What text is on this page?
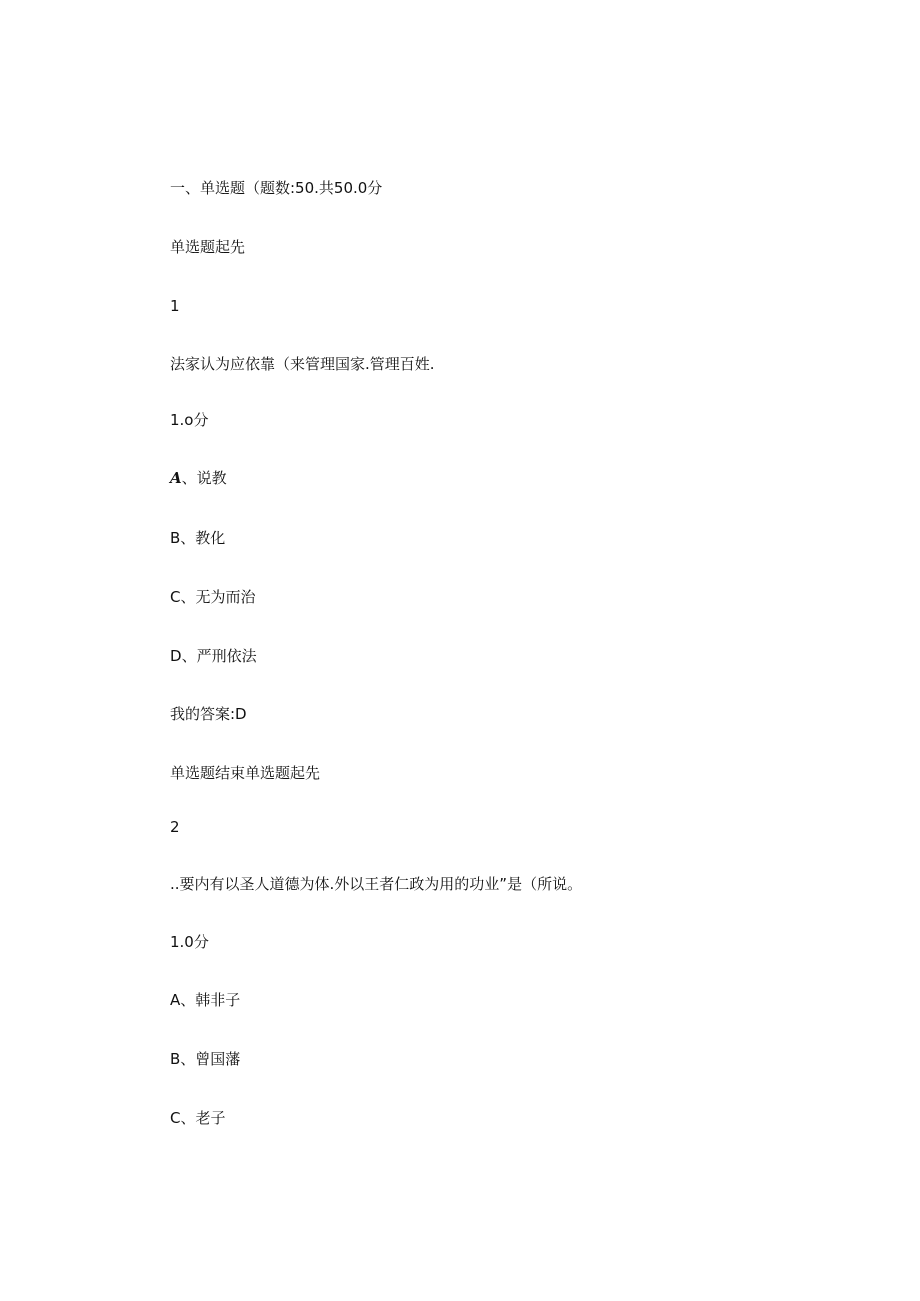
一、单选题（题数:50.共50.0分
单选题起先
1
法家认为应依靠（来管理国家.管理百姓.
1.o分
A、说教
B、教化
C、无为而治
D、严刑依法
我的答案:D
单选题结束单选题起先
2
..要内有以圣人道德为体.外以王者仁政为用的功业”是（所说。
1.0分
A、韩非子
B、曾国藩
C、老子
